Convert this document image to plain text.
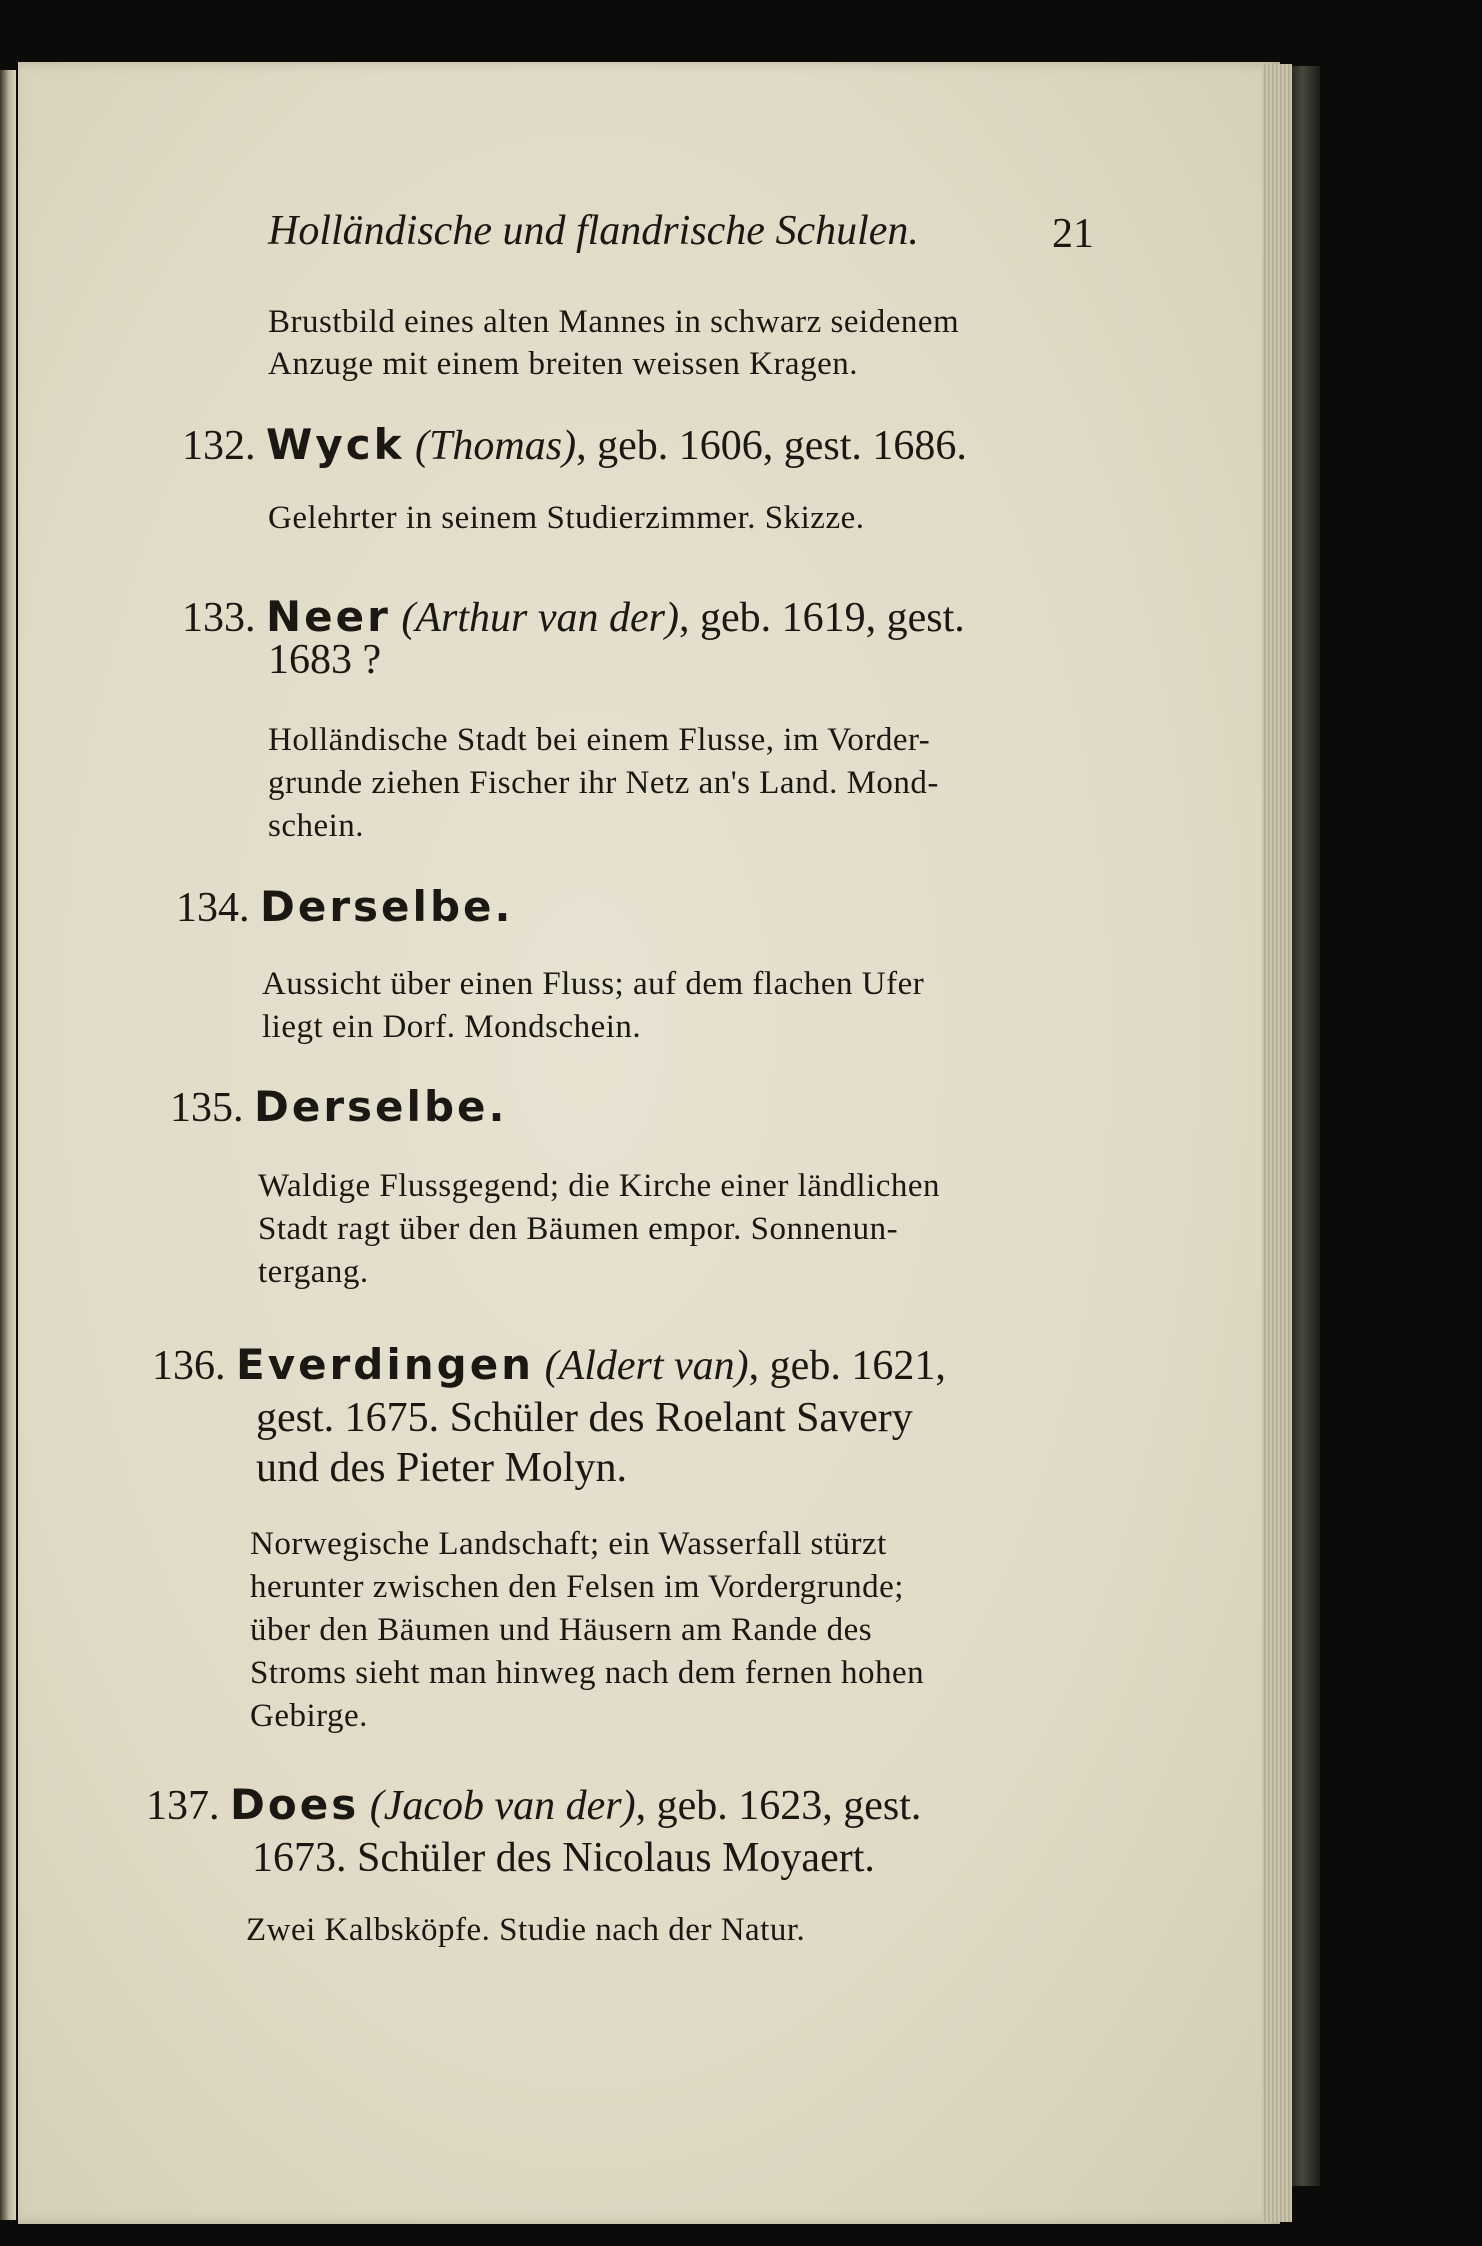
Holländische und flandrische Schulen.	21
Brustbild eines alten Mannes in schwarz seidenem
Anzuge mit einem breiten weissen Kragen.
132. Wyck (Thomas), geb. 1606, gest. 1686.
Gelehrter in seinem Studierzimmer. Skizze.
133. Neer (Arthur van der), geb. 1619, gest.
1683 ?
Holländische Stadt bei einem Flusse, im Vorder-
grunde ziehen Fischer ihr Netz an's Land. Mond-
schein.
134. Derselbe.
Aussicht über einen Fluss; auf dem flachen Ufer
liegt ein Dorf. Mondschein.
135. Derselbe.
Waldige Flussgegend; die Kirche einer ländlichen
Stadt ragt über den Bäumen empor. Sonnenun-
tergang.
136. Everdingen (Aldert van), geb. 1621,
gest. 1675. Schüler des Roelant Savery
und des Pieter Molyn.
Norwegische Landschaft; ein Wasserfall stürzt
herunter zwischen den Felsen im Vordergrunde;
über den Bäumen und Häusern am Rande des
Stroms sieht man hinweg nach dem fernen hohen
Gebirge.
137. Does (Jacob van der), geb. 1623, gest.
1673. Schüler des Nicolaus Moyaert.
Zwei Kalbsköpfe. Studie nach der Natur.
